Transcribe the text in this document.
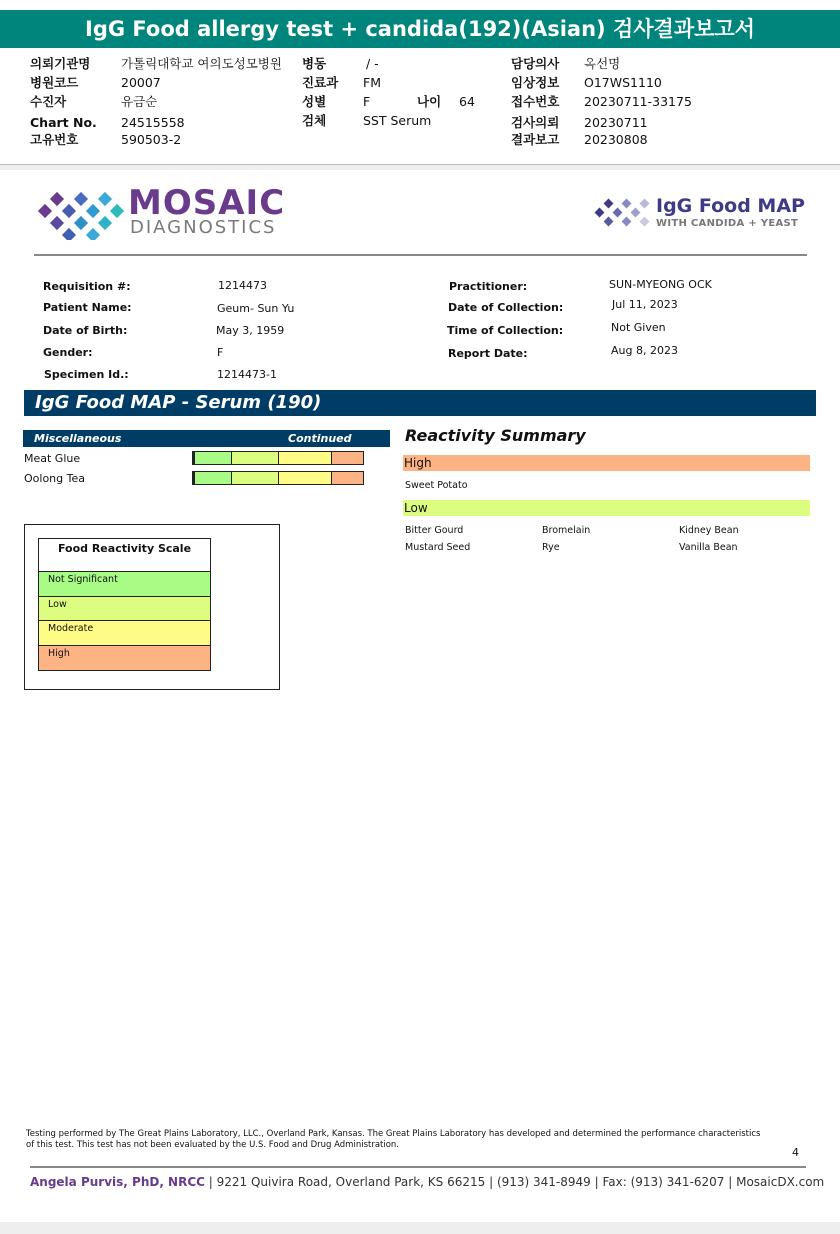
IgG Food allergy test + candida(192)(Asian) 검사결과보고서
의뢰기관명 가톨릭대학교 여의도성모병원
병원코드	20007
수진자	유금순
Chart No. 24515558
고유번호	590503-2
병동	/ -
진료과 FM
성별	F	나이 64
검체	SST Serum
담당의사 옥선명
임상정보 O17WS1110
접수번호 20230711-33175
검사의뢰 20230711
결과보고 20230808
MOSAIC
DIAGNOSTICS
IgG Food MAP
WITH CANDIDA + YEAST
Requisition #:	1214473
Patient Name:	Geum- Sun Yu
Date of Birth:	May 3, 1959
Gender:	F
Specimen Id.:	1214473-1
Practitioner:	SUN-MYEONG OCK
Date of Collection:	Jul 11, 2023
Time of Collection:	Not Given
Report Date:	Aug 8, 2023
IgG Food MAP - Serum (190)
Miscellaneous	Continued
Meat Glue
Oolong Tea
Food Reactivity Scale
Not Significant
Low
Moderate
High
Reactivity Summary
High
Sweet Potato
Low
Bitter Gourd	Bromelain	Kidney Bean
Mustard Seed	Rye	Vanilla Bean
Testing performed by The Great Plains Laboratory, LLC., Overland Park, Kansas. The Great Plains Laboratory has developed and determined the performance characteristics of this test. This test has not been evaluated by the U.S. Food and Drug Administration.
4
Angela Purvis, PhD, NRCC | 9221 Quivira Road, Overland Park, KS 66215 | (913) 341-8949 | Fax: (913) 341-6207 | MosaicDX.com
